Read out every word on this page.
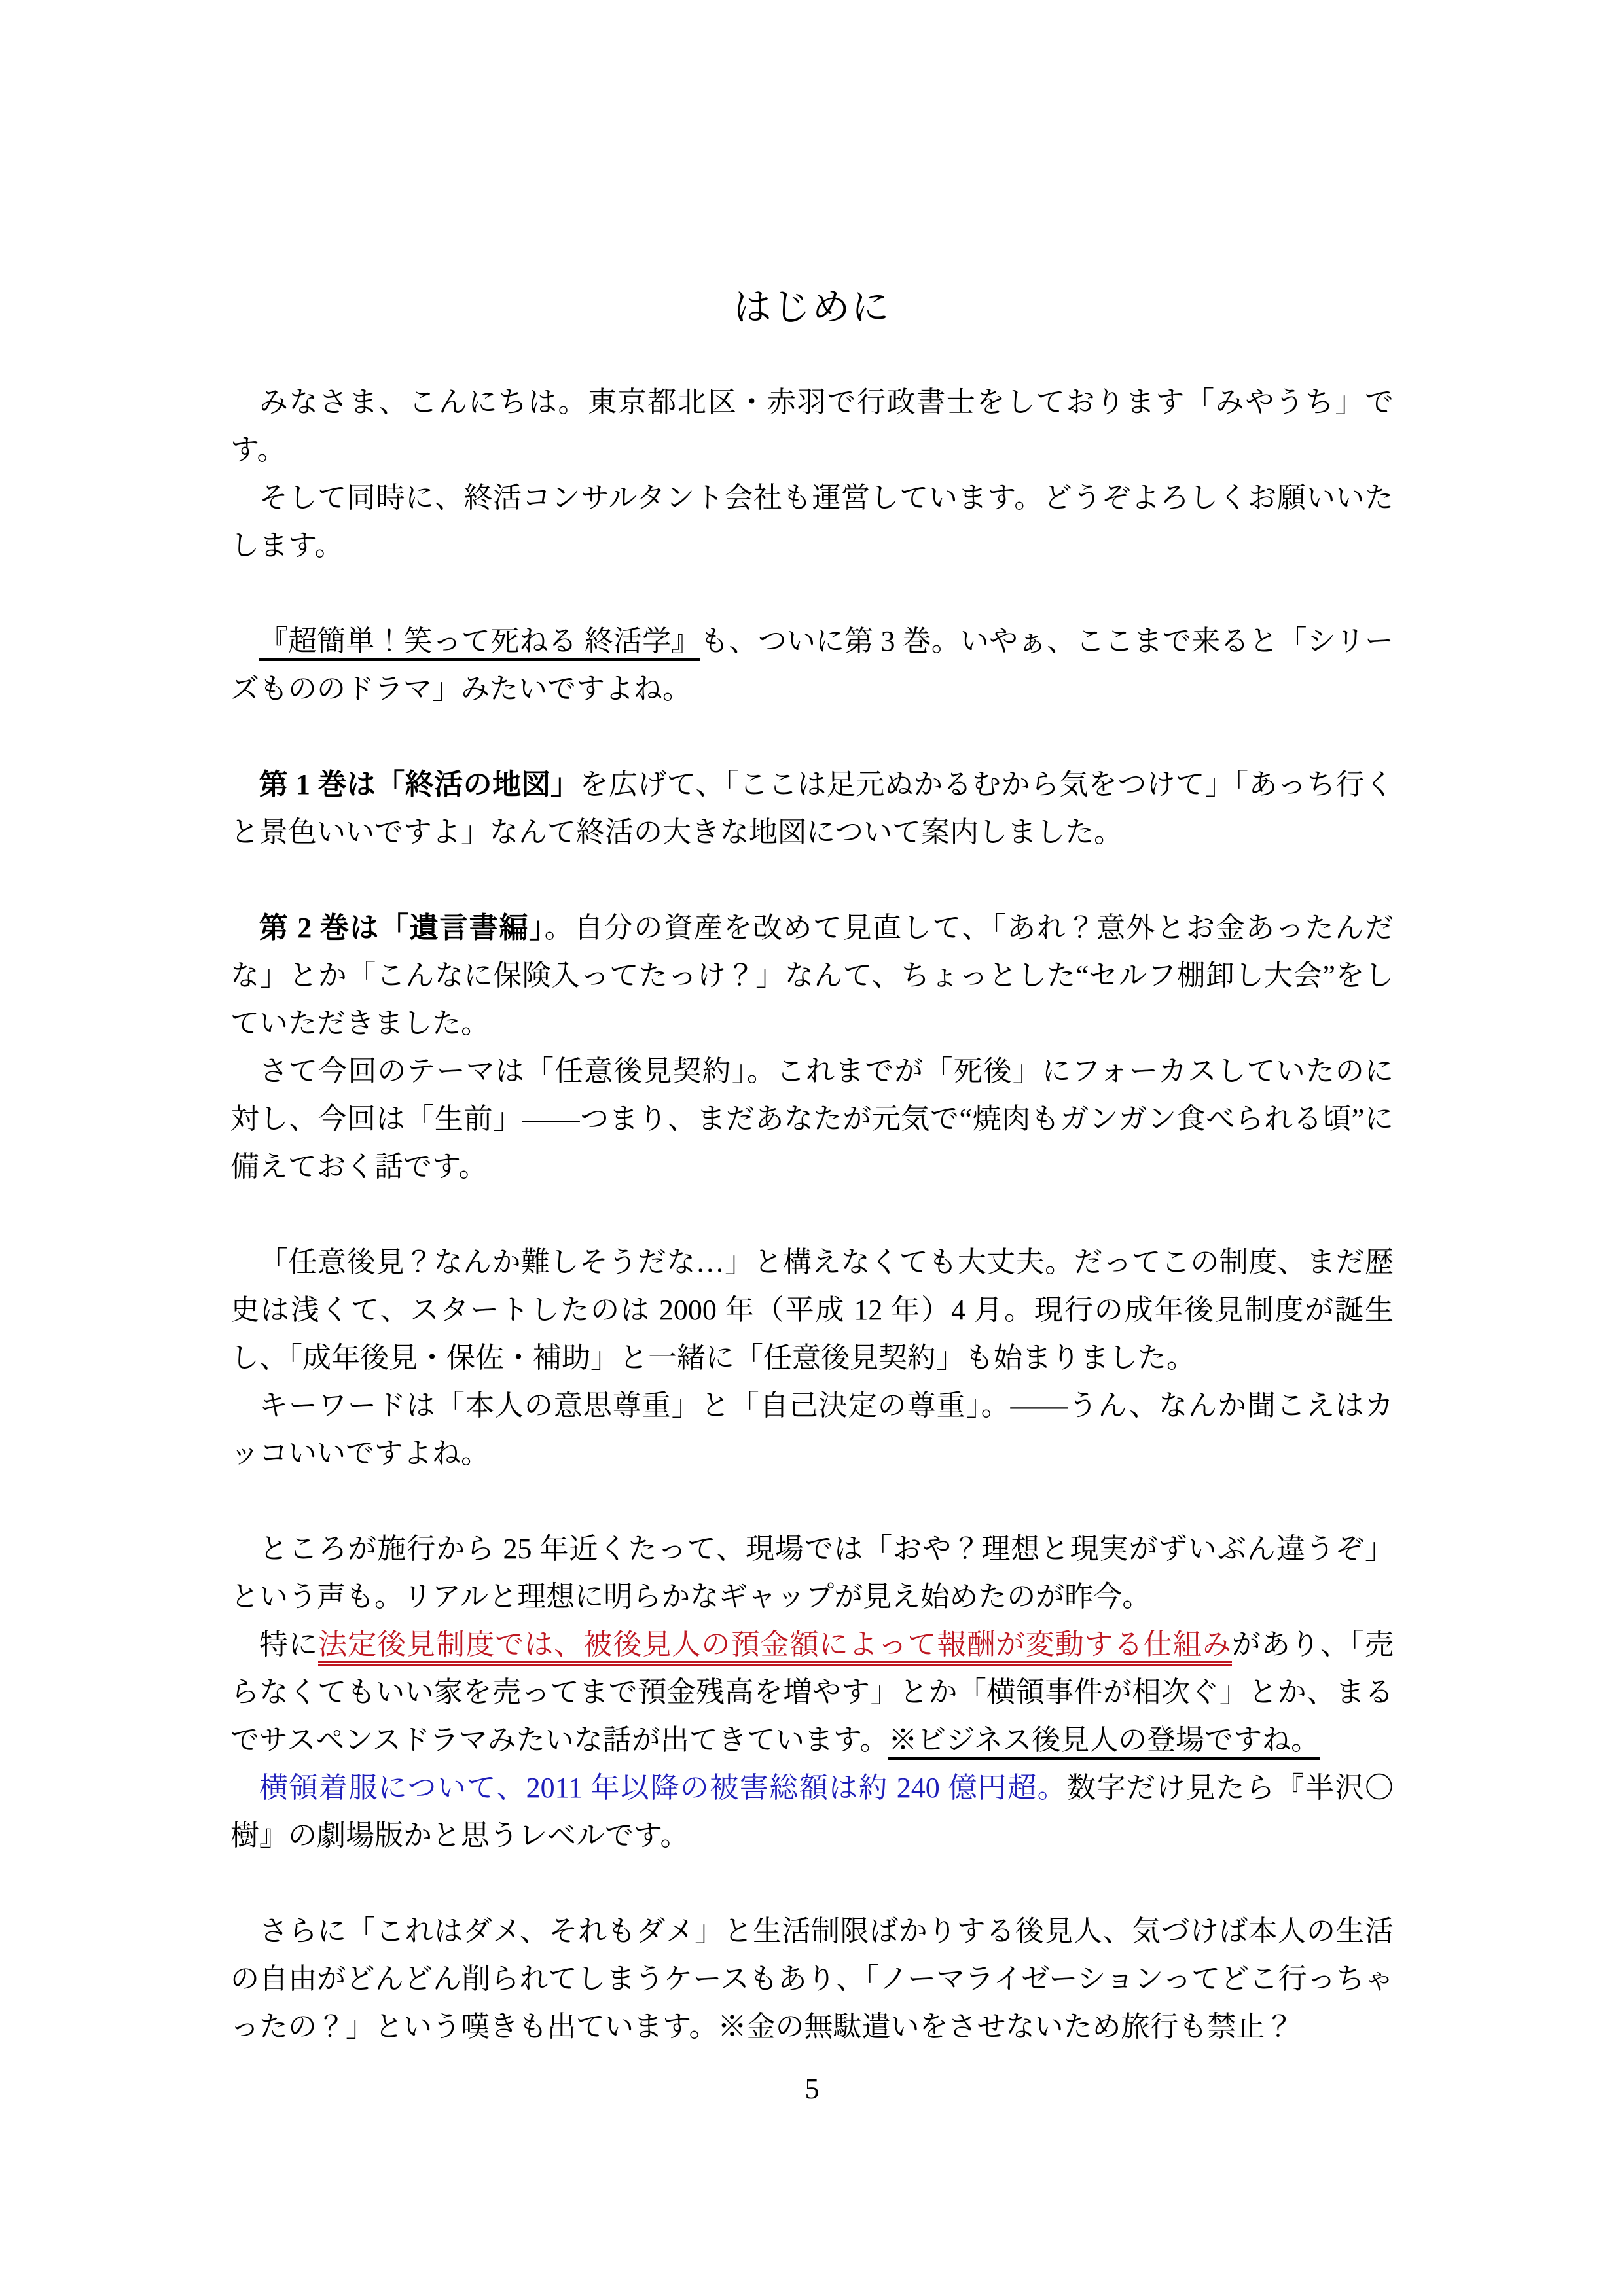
はじめに

みなさま、こんにちは。東京都北区・赤羽で行政書士をしております「みやうち」です。

そして同時に、終活コンサルタント会社も運営しています。どうぞよろしくお願いいたします。

『超簡単！笑って死ねる 終活学』も、ついに第 3 巻。いやぁ、ここまで来ると「シリーズもののドラマ」みたいですよね。

第 1 巻は「終活の地図」を広げて、「ここは足元ぬかるむから気をつけて」「あっち行くと景色いいですよ」なんて終活の大きな地図について案内しました。

第 2 巻は「遺言書編」。自分の資産を改めて見直して、「あれ？意外とお金あったんだな」とか「こんなに保険入ってたっけ？」なんて、ちょっとした“セルフ棚卸し大会”をしていただきました。

さて今回のテーマは「任意後見契約」。これまでが「死後」にフォーカスしていたのに対し、今回は「生前」——つまり、まだあなたが元気で“焼肉もガンガン食べられる頃”に備えておく話です。

「任意後見？なんか難しそうだな…」と構えなくても大丈夫。だってこの制度、まだ歴史は浅くて、スタートしたのは 2000 年（平成 12 年）4 月。現行の成年後見制度が誕生し、「成年後見・保佐・補助」と一緒に「任意後見契約」も始まりました。

キーワードは「本人の意思尊重」と「自己決定の尊重」。——うん、なんか聞こえはカッコいいですよね。

ところが施行から 25 年近くたって、現場では「おや？理想と現実がずいぶん違うぞ」という声も。リアルと理想に明らかなギャップが見え始めたのが昨今。

特に法定後見制度では、被後見人の預金額によって報酬が変動する仕組みがあり、「売らなくてもいい家を売ってまで預金残高を増やす」とか「横領事件が相次ぐ」とか、まるでサスペンスドラマみたいな話が出てきています。※ビジネス後見人の登場ですね。

横領着服について、2011 年以降の被害総額は約 240 億円超。数字だけ見たら『半沢〇樹』の劇場版かと思うレベルです。

さらに「これはダメ、それもダメ」と生活制限ばかりする後見人、気づけば本人の生活の自由がどんどん削られてしまうケースもあり、「ノーマライゼーションってどこ行っちゃったの？」という嘆きも出ています。※金の無駄遣いをさせないため旅行も禁止？

5
